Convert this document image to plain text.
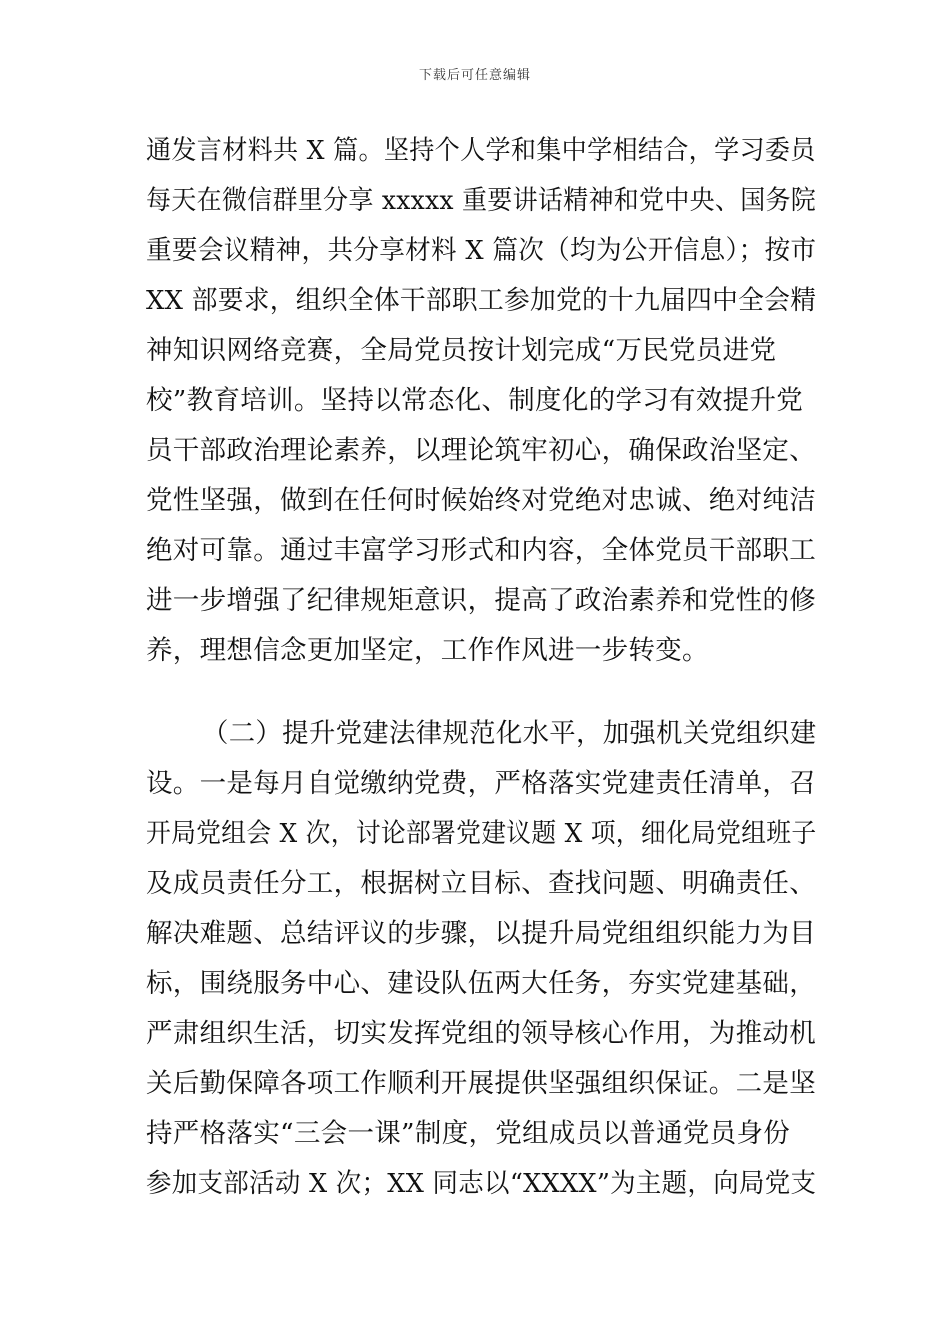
下载后可任意编辑
通发言材料共 X 篇。坚持个人学和集中学相结合，学习委员
每天在微信群里分享 xxxxx 重要讲话精神和党中央、国务院
重要会议精神，共分享材料 X 篇次（均为公开信息）；按市
XX 部要求，组织全体干部职工参加党的十九届四中全会精
神知识网络竞赛，全局党员按计划完成“万民党员进党
校”教育培训。坚持以常态化、制度化的学习有效提升党
员干部政治理论素养，以理论筑牢初心，确保政治坚定、
党性坚强，做到在任何时候始终对党绝对忠诚、绝对纯洁
绝对可靠。通过丰富学习形式和内容，全体党员干部职工
进一步增强了纪律规矩意识，提高了政治素养和党性的修
养，理想信念更加坚定，工作作风进一步转变。
（二）提升党建法律规范化水平，加强机关党组织建
设。一是每月自觉缴纳党费，严格落实党建责任清单，召
开局党组会 X 次，讨论部署党建议题 X 项，细化局党组班子
及成员责任分工，根据树立目标、查找问题、明确责任、
解决难题、总结评议的步骤，以提升局党组组织能力为目
标，围绕服务中心、建设队伍两大任务，夯实党建基础，
严肃组织生活，切实发挥党组的领导核心作用，为推动机
关后勤保障各项工作顺利开展提供坚强组织保证。二是坚
持严格落实“三会一课”制度，党组成员以普通党员身份
参加支部活动 X 次；XX 同志以“XXXX”为主题，向局党支
